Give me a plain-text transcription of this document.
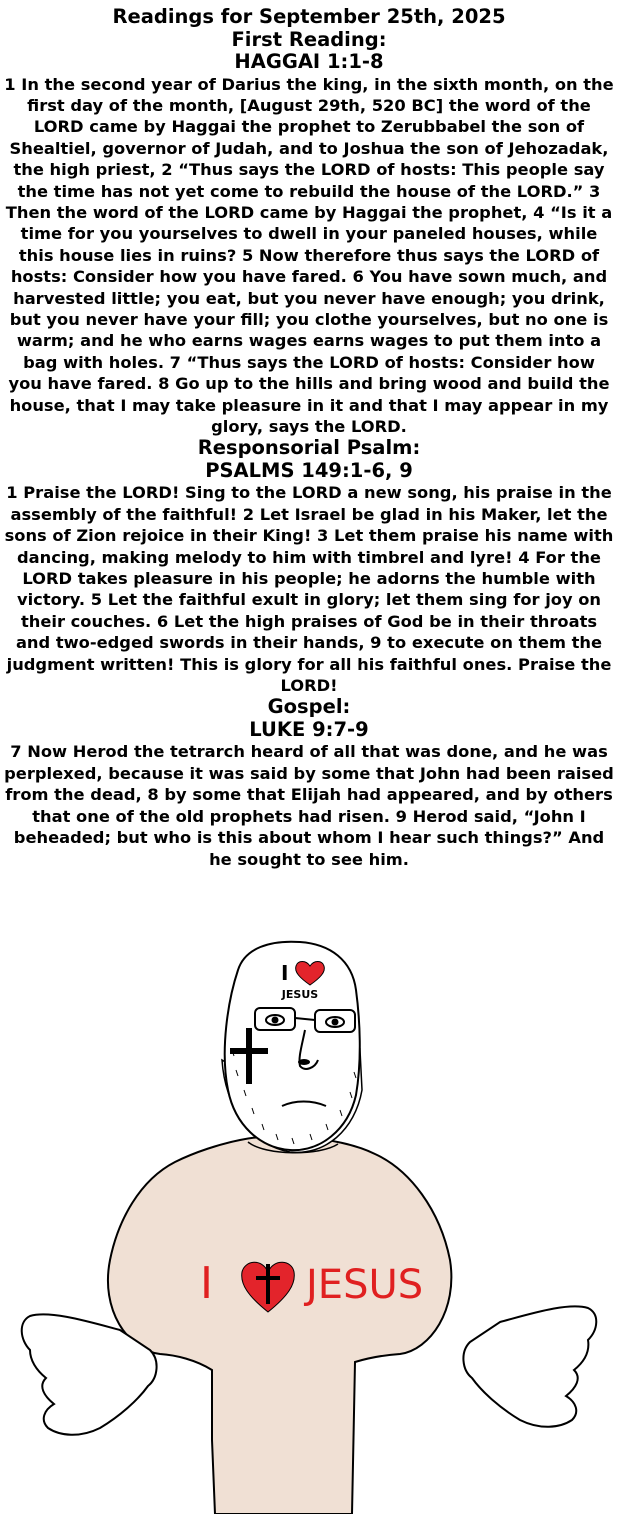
Readings for September 25th, 2025

First Reading:

HAGGAI 1:1-8

1 In the second year of Darius the king, in the sixth month, on the first day of the month, [August 29th, 520 BC] the word of the LORD came by Haggai the prophet to Zerubbabel the son of Shealtiel, governor of Judah, and to Joshua the son of Jehozadak, the high priest, 2 “Thus says the LORD of hosts: This people say the time has not yet come to rebuild the house of the LORD.” 3 Then the word of the LORD came by Haggai the prophet, 4 “Is it a time for you yourselves to dwell in your paneled houses, while this house lies in ruins? 5 Now therefore thus says the LORD of hosts: Consider how you have fared. 6 You have sown much, and harvested little; you eat, but you never have enough; you drink, but you never have your fill; you clothe yourselves, but no one is warm; and he who earns wages earns wages to put them into a bag with holes. 7 “Thus says the LORD of hosts: Consider how you have fared. 8 Go up to the hills and bring wood and build the house, that I may take pleasure in it and that I may appear in my glory, says the LORD.

Responsorial Psalm:

PSALMS 149:1-6, 9

1 Praise the LORD! Sing to the LORD a new song, his praise in the assembly of the faithful! 2 Let Israel be glad in his Maker, let the sons of Zion rejoice in their King! 3 Let them praise his name with dancing, making melody to him with timbrel and lyre! 4 For the LORD takes pleasure in his people; he adorns the humble with victory. 5 Let the faithful exult in glory; let them sing for joy on their couches. 6 Let the high praises of God be in their throats and two-edged swords in their hands, 9 to execute on them the judgment written! This is glory for all his faithful ones. Praise the LORD!

Gospel:

LUKE 9:7-9

7 Now Herod the tetrarch heard of all that was done, and he was perplexed, because it was said by some that John had been raised from the dead, 8 by some that Elijah had appeared, and by others that one of the old prophets had risen. 9 Herod said, “John I beheaded; but who is this about whom I hear such things?” And he sought to see him.

I
JESUS
I JESUS
